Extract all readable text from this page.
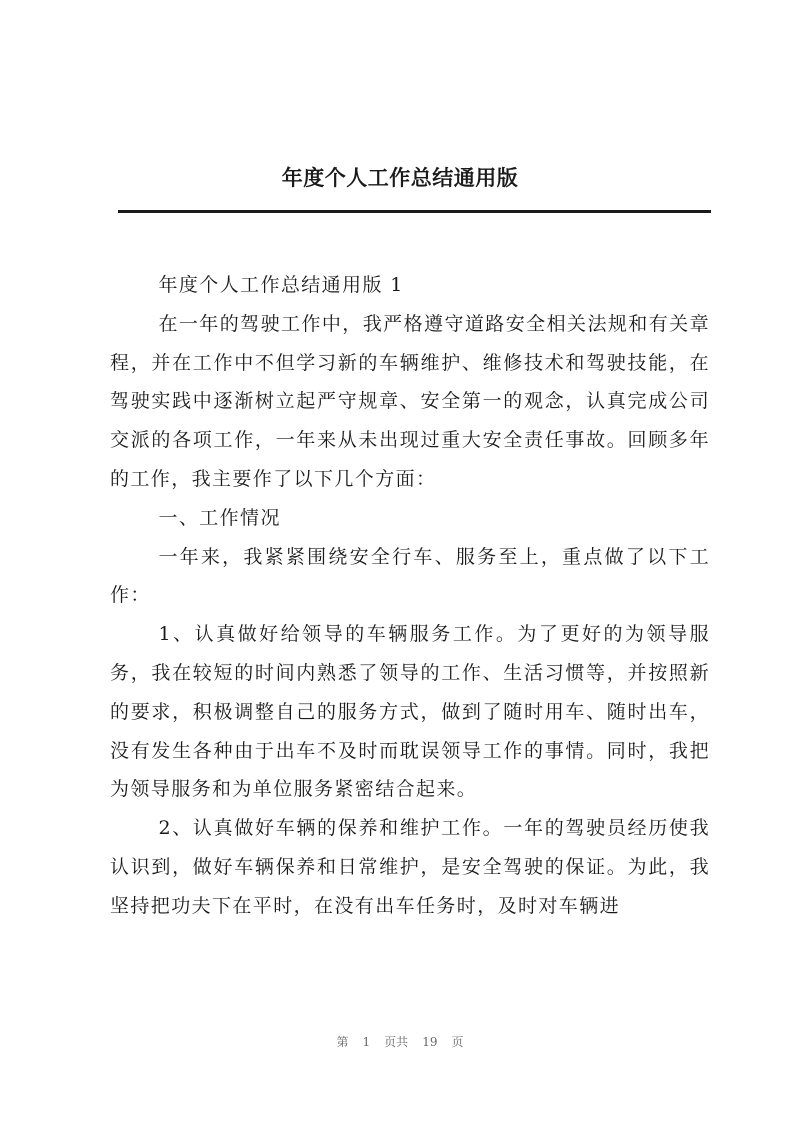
年度个人工作总结通用版

年度个人工作总结通用版 1

在一年的驾驶工作中，我严格遵守道路安全相关法规和有关章程，并在工作中不但学习新的车辆维护、维修技术和驾驶技能，在驾驶实践中逐渐树立起严守规章、安全第一的观念，认真完成公司交派的各项工作，一年来从未出现过重大安全责任事故。回顾多年的工作，我主要作了以下几个方面：

一、工作情况

一年来，我紧紧围绕安全行车、服务至上，重点做了以下工作：

1、认真做好给领导的车辆服务工作。为了更好的为领导服务，我在较短的时间内熟悉了领导的工作、生活习惯等，并按照新的要求，积极调整自己的服务方式，做到了随时用车、随时出车，没有发生各种由于出车不及时而耽误领导工作的事情。同时，我把为领导服务和为单位服务紧密结合起来。

2、认真做好车辆的保养和维护工作。一年的驾驶员经历使我认识到，做好车辆保养和日常维护，是安全驾驶的保证。为此，我坚持把功夫下在平时，在没有出车任务时，及时对车辆进

第 1 页共 19 页
